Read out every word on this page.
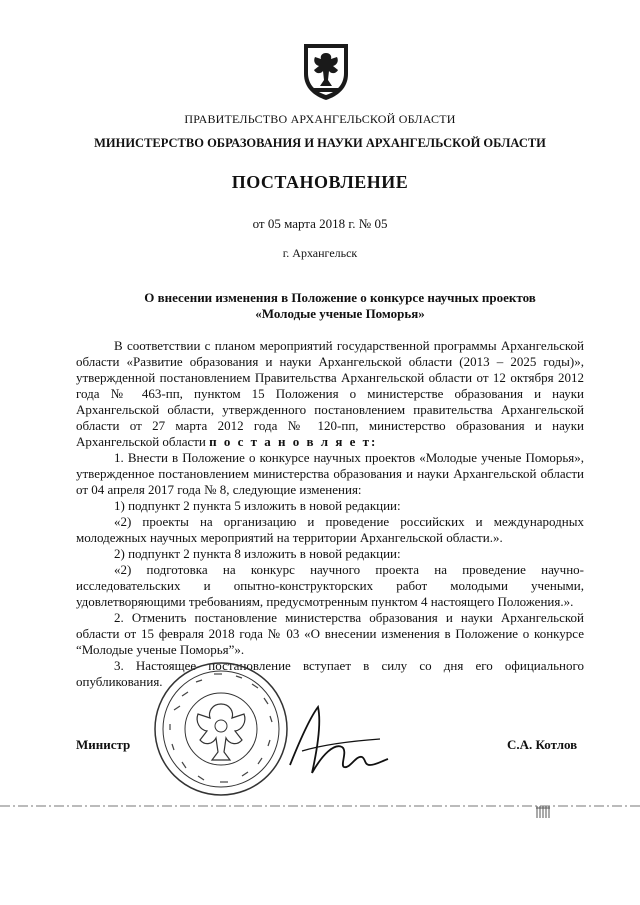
ПРАВИТЕЛЬСТВО АРХАНГЕЛЬСКОЙ ОБЛАСТИ
МИНИСТЕРСТВО ОБРАЗОВАНИЯ И НАУКИ АРХАНГЕЛЬСКОЙ ОБЛАСТИ
ПОСТАНОВЛЕНИЕ
от 05 марта 2018 г. № 05
г. Архангельск
О внесении изменения в Положение о конкурсе научных проектов
«Молодые ученые Поморья»

В соответствии с планом мероприятий государственной программы Архангельской области «Развитие образования и науки Архангельской области (2013 – 2025 годы)», утвержденной постановлением Правительства Архангельской области от 12 октября 2012 года № 463-пп, пунктом 15 Положения о министерстве образования и науки Архангельской области, утвержденного постановлением правительства Архангельской области от 27 марта 2012 года № 120-пп, министерство образования и науки Архангельской области п о с т а н о в л я е т:

1. Внести в Положение о конкурсе научных проектов «Молодые ученые Поморья», утвержденное постановлением министерства образования и науки Архангельской области от 04 апреля 2017 года № 8, следующие изменения:

1) подпункт 2 пункта 5 изложить в новой редакции:

«2) проекты на организацию и проведение российских и международных молодежных научных мероприятий на территории Архангельской области.».

2) подпункт 2 пункта 8 изложить в новой редакции:

«2) подготовка на конкурс научного проекта на проведение научно-исследовательских и опытно-конструкторских работ молодыми учеными, удовлетворяющими требованиям, предусмотренным пунктом 4 настоящего Положения.».

2. Отменить постановление министерства образования и науки Архангельской области от 15 февраля 2018 года № 03 «О внесении изменения в Положение о конкурсе “Молодые ученые Поморья”».

3. Настоящее постановление вступает в силу со дня его официального опубликования.

Министр	С.А. Котлов
